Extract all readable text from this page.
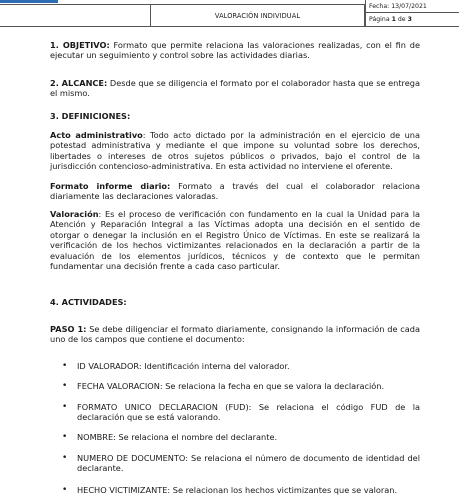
VALORACIÓN INDIVIDUAL
Fecha: 13/07/2021
Página 1 de 3

1. OBJETIVO: Formato que permite relaciona las valoraciones realizadas, con el fin de ejecutar un seguimiento y control sobre las actividades diarias.

2. ALCANCE: Desde que se diligencia el formato por el colaborador hasta que se entrega el mismo.

3. DEFINICIONES:

Acto administrativo: Todo acto dictado por la administración en el ejercicio de una potestad administrativa y mediante el que impone su voluntad sobre los derechos, libertades o intereses de otros sujetos públicos o privados, bajo el control de la jurisdicción contencioso-administrativa. En esta actividad no interviene el oferente.

Formato informe diario: Formato a través del cual el colaborador relaciona diariamente las declaraciones valoradas.

Valoración: Es el proceso de verificación con fundamento en la cual la Unidad para la Atención y Reparación Integral a las Víctimas adopta una decisión en el sentido de otorgar o denegar la inclusión en el Registro Único de Víctimas. En este se realizará la verificación de los hechos victimizantes relacionados en la declaración a partir de la evaluación de los elementos jurídicos, técnicos y de contexto que le permitan fundamentar una decisión frente a cada caso particular.

4. ACTIVIDADES:

PASO 1: Se debe diligenciar el formato diariamente, consignando la información de cada uno de los campos que contiene el documento:

• ID VALORADOR: Identificación interna del valorador.
• FECHA VALORACION: Se relaciona la fecha en que se valora la declaración.
• FORMATO UNICO DECLARACION (FUD): Se relaciona el código FUD de la declaración que se está valorando.
• NOMBRE: Se relaciona el nombre del declarante.
• NUMERO DE DOCUMENTO: Se relaciona el número de documento de identidad del declarante.
• HECHO VICTIMIZANTE: Se relacionan los hechos victimizantes que se valoran.
